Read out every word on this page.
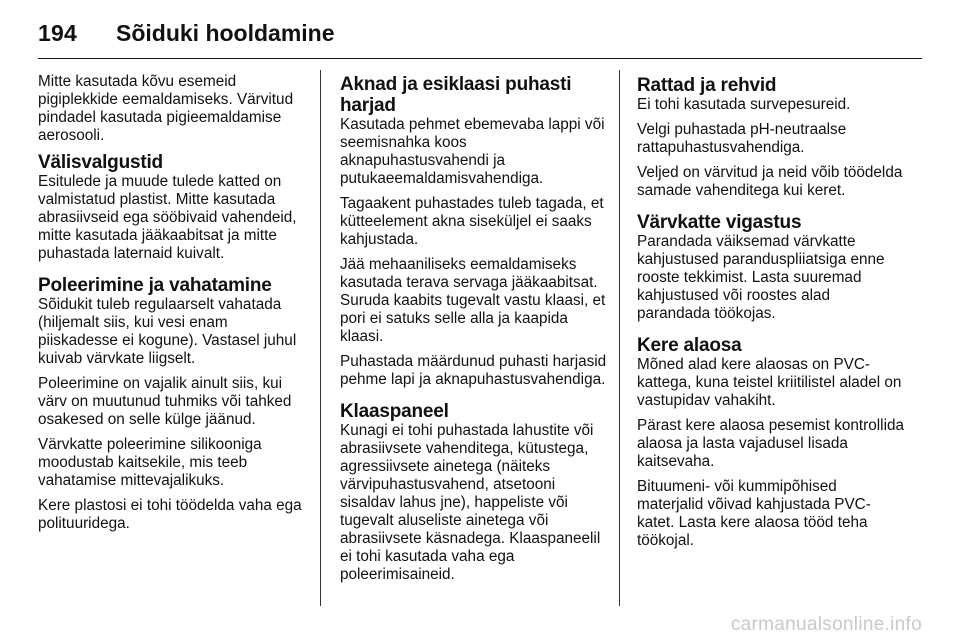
194 Sõiduki hooldamine

Mitte kasutada kõvu esemeid pigiplekkide eemaldamiseks. Värvitud pindadel kasutada pigieemaldamise aerosooli.

Välisvalgustid

Esitulede ja muude tulede katted on valmistatud plastist. Mitte kasutada abrasiivseid ega sööbivaid vahendeid, mitte kasutada jääkaabitsat ja mitte puhastada laternaid kuivalt.

Poleerimine ja vahatamine

Sõidukit tuleb regulaarselt vahatada (hiljemalt siis, kui vesi enam piiskadesse ei kogune). Vastasel juhul kuivab värvkate liigselt.

Poleerimine on vajalik ainult siis, kui värv on muutunud tuhmiks või tahked osakesed on selle külge jäänud.

Värvkatte poleerimine silikooniga moodustab kaitsekile, mis teeb vahatamise mittevajalikuks.

Kere plastosi ei tohi töödelda vaha ega polituuridega.

Aknad ja esiklaasi puhasti harjad

Kasutada pehmet ebemevaba lappi või seemisnahka koos aknapuhastusvahendi ja putukaeemaldamisvahendiga.

Tagaakent puhastades tuleb tagada, et kütteelement akna siseküljel ei saaks kahjustada.

Jää mehaaniliseks eemaldamiseks kasutada terava servaga jääkaabitsat. Suruda kaabits tugevalt vastu klaasi, et pori ei satuks selle alla ja kaapida klaasi.

Puhastada määrdunud puhasti harjasid pehme lapi ja aknapuhastusvahendiga.

Klaaspaneel

Kunagi ei tohi puhastada lahustite või abrasiivsete vahenditega, kütustega, agressiivsete ainetega (näiteks värvipuhastusvahend, atsetooni sisaldav lahus jne), happeliste või tugevalt aluseliste ainetega või abrasiivsete käsnadega. Klaaspaneelil ei tohi kasutada vaha ega poleerimisaineid.

Rattad ja rehvid

Ei tohi kasutada survepesureid.

Velgi puhastada pH-neutraalse rattapuhastusvahendiga.

Veljed on värvitud ja neid võib töödelda samade vahenditega kui keret.

Värvkatte vigastus

Parandada väiksemad värvkatte kahjustused paranduspliiatsiga enne rooste tekkimist. Lasta suuremad kahjustused või roostes alad parandada töökojas.

Kere alaosa

Mõned alad kere alaosas on PVC-kattega, kuna teistel kriitilistel aladel on vastupidav vahakiht.

Pärast kere alaosa pesemist kontrollida alaosa ja lasta vajadusel lisada kaitsevaha.

Bituumeni- või kummipõhised materjalid võivad kahjustada PVC-katet. Lasta kere alaosa tööd teha töökojal.

carmanualsonline.info
